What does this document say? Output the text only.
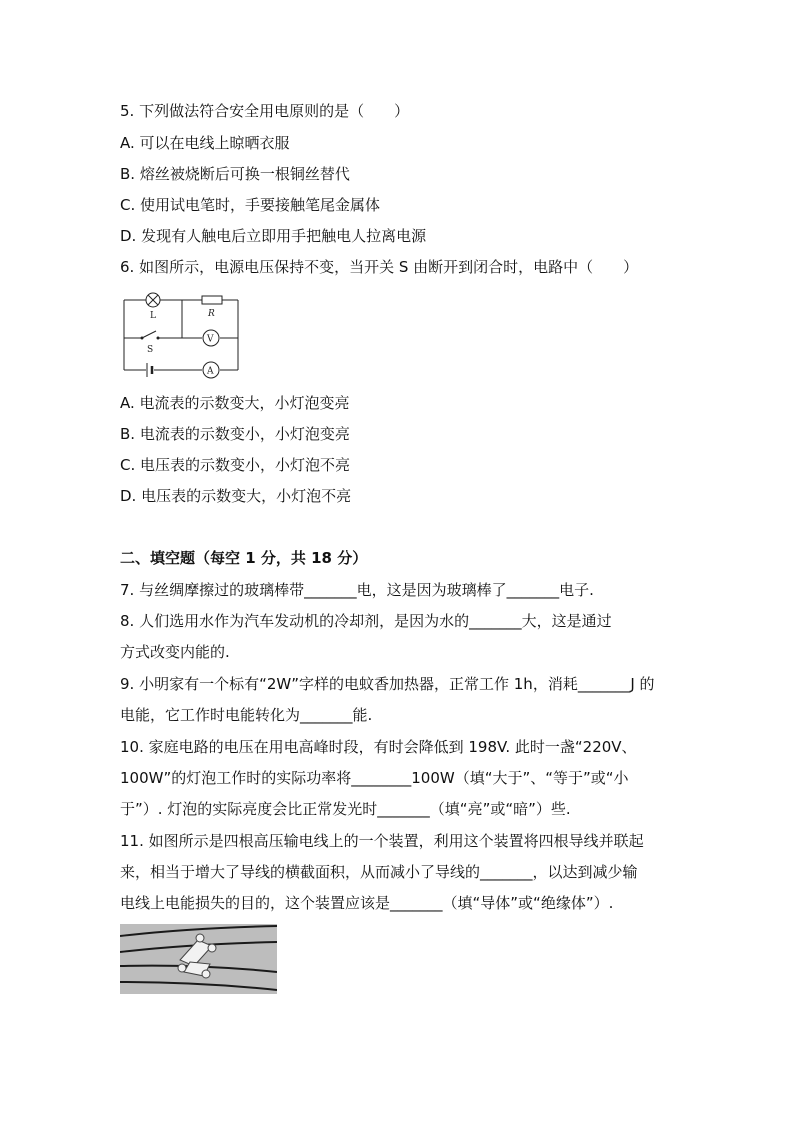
5. 下列做法符合安全用电原则的是（　　）
A. 可以在电线上晾晒衣服
B. 熔丝被烧断后可换一根铜丝替代
C. 使用试电笔时，手要接触笔尾金属体
D. 发现有人触电后立即用手把触电人拉离电源
6. 如图所示，电源电压保持不变，当开关 S 由断开到闭合时，电路中（　　）
L	R
S
V
A
A. 电流表的示数变大，小灯泡变亮
B. 电流表的示数变小，小灯泡变亮
C. 电压表的示数变小，小灯泡不亮
D. 电压表的示数变大，小灯泡不亮
二、填空题（每空 1 分，共 18 分）
7. 与丝绸摩擦过的玻璃棒带_______电，这是因为玻璃棒了_______电子.
8. 人们选用水作为汽车发动机的冷却剂，是因为水的_______大，这是通过
方式改变内能的.
9. 小明家有一个标有“2W”字样的电蚊香加热器，正常工作 1h，消耗_______J 的
电能，它工作时电能转化为_______能.
10. 家庭电路的电压在用电高峰时段，有时会降低到 198V. 此时一盏“220V、
100W”的灯泡工作时的实际功率将________100W（填“大于”、“等于”或“小
于”）. 灯泡的实际亮度会比正常发光时_______（填“亮”或“暗”）些.
11. 如图所示是四根高压输电线上的一个装置，利用这个装置将四根导线并联起
来，相当于增大了导线的横截面积，从而减小了导线的_______，以达到减少输
电线上电能损失的目的，这个装置应该是_______（填“导体”或“绝缘体”）.
